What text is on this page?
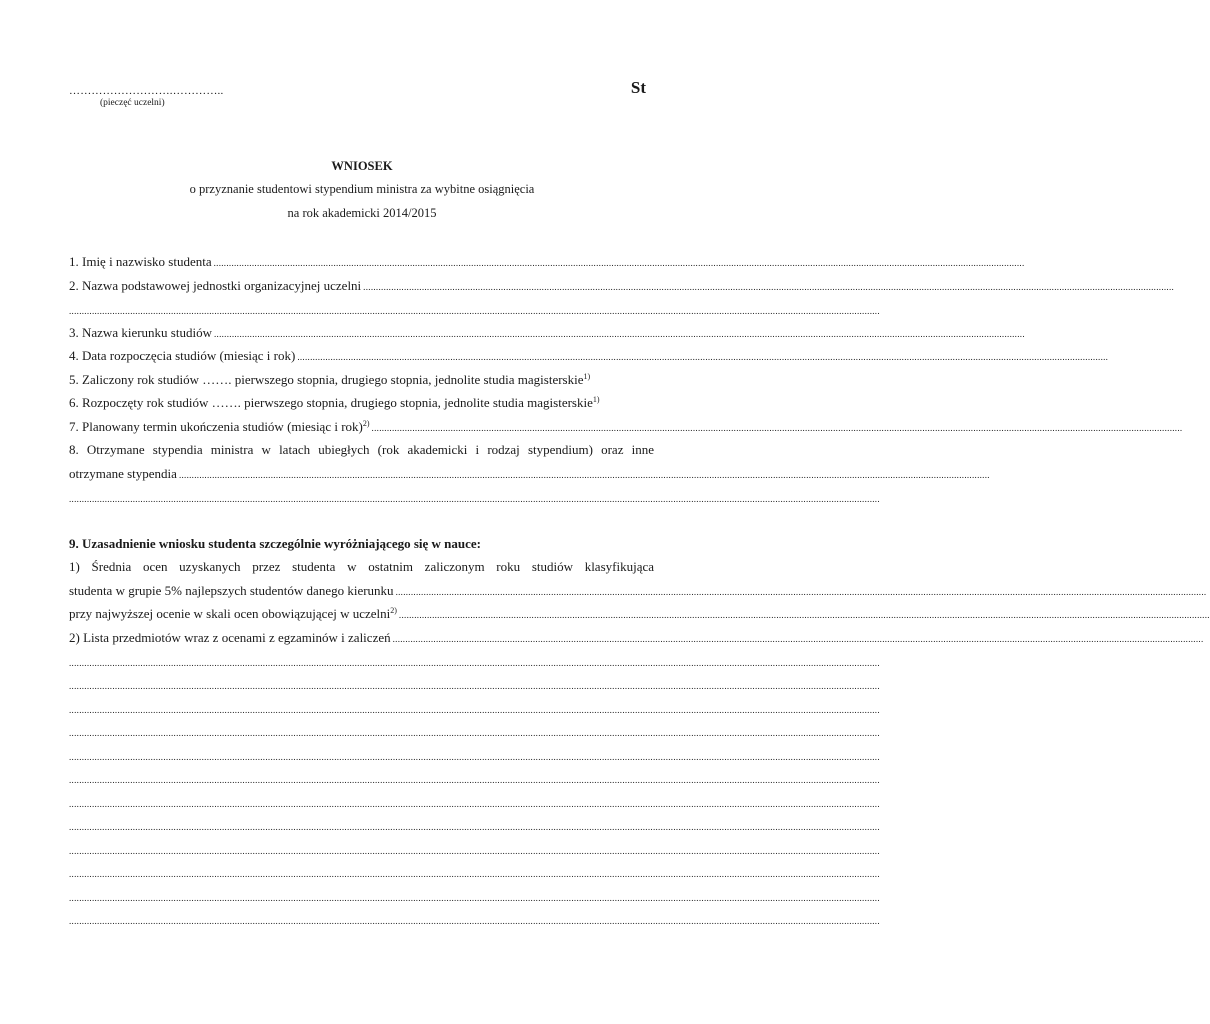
……………………….…………..
(pieczęć uczelni)
St
WNIOSEK
o przyznanie studentowi stypendium ministra za wybitne osiągnięcia
na rok akademicki 2014/2015
1. Imię i nazwisko studenta ..............................................................................................................................................................................................................................................................................................................................
2. Nazwa podstawowej jednostki organizacyjnej uczelni ..............................................................................................................................................................................................................................................................................................................................
..............................................................................................................................................................................................................................................................................................................................
3. Nazwa kierunku studiów ..............................................................................................................................................................................................................................................................................................................................
4. Data rozpoczęcia studiów (miesiąc i rok) ..............................................................................................................................................................................................................................................................................................................................
5. Zaliczony rok studiów ……. pierwszego stopnia, drugiego stopnia, jednolite studia magisterskie$^{1)}$
6. Rozpoczęty rok studiów ……. pierwszego stopnia, drugiego stopnia, jednolite studia magisterskie$^{1)}$
7. Planowany termin ukończenia studiów (miesiąc i rok)$^{2)}$ ..............................................................................................................................................................................................................................................................................................................................
8. Otrzymane stypendia ministra w latach ubiegłych (rok akademicki i rodzaj stypendium) oraz inne
otrzymane stypendia ..............................................................................................................................................................................................................................................................................................................................
..............................................................................................................................................................................................................................................................................................................................
9. Uzasadnienie wniosku studenta szczególnie wyróżniającego się w nauce:
1) Średnia ocen uzyskanych przez studenta w ostatnim zaliczonym roku studiów klasyfikująca
studenta w grupie 5% najlepszych studentów danego kierunku ..............................................................................................................................................................................................................................................................................................................................
przy najwyższej ocenie w skali ocen obowiązującej w uczelni$^{2)}$ ..............................................................................................................................................................................................................................................................................................................................
2) Lista przedmiotów wraz z ocenami z egzaminów i zaliczeń ..............................................................................................................................................................................................................................................................................................................................
..............................................................................................................................................................................................................................................................................................................................
..............................................................................................................................................................................................................................................................................................................................
..............................................................................................................................................................................................................................................................................................................................
..............................................................................................................................................................................................................................................................................................................................
..............................................................................................................................................................................................................................................................................................................................
..............................................................................................................................................................................................................................................................................................................................
..............................................................................................................................................................................................................................................................................................................................
..............................................................................................................................................................................................................................................................................................................................
..............................................................................................................................................................................................................................................................................................................................
..............................................................................................................................................................................................................................................................................................................................
..............................................................................................................................................................................................................................................................................................................................
..............................................................................................................................................................................................................................................................................................................................
